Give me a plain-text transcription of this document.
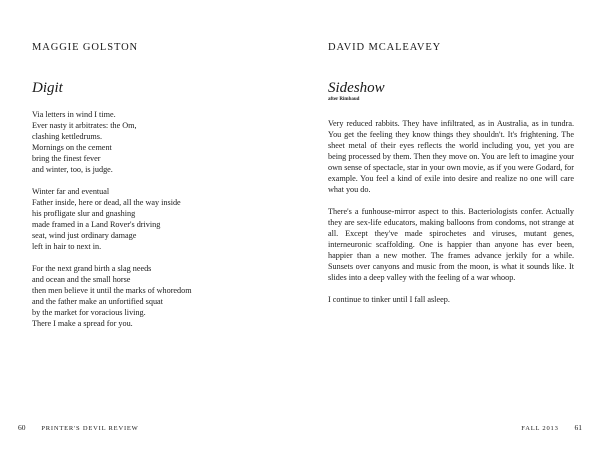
MAGGIE GOLSTON
Digit
Via letters in wind I time.
Ever nasty it arbitrates: the Om,
clashing kettledrums.
Mornings on the cement
bring the finest fever
and winter, too, is judge.
Winter far and eventual
Father inside, here or dead, all the way inside
his profligate slur and gnashing
made framed in a Land Rover's driving
seat, wind just ordinary damage
left in hair to next in.
For the next grand birth a slag needs
and ocean and the small horse
then men believe it until the marks of whoredom
and the father make an unfortified squat
by the market for voracious living.
There I make a spread for you.
60 PRINTER'S DEVIL REVIEW
DAVID MCALEAVEY
Sideshow
after Rimbaud

Very reduced rabbits. They have infiltrated, as in Australia, as in tundra. You get the feeling they know things they shouldn't. It's frightening. The sheet metal of their eyes reflects the world including you, yet you are being processed by them. Then they move on. You are left to imagine your own sense of spectacle, star in your own movie, as if you were Godard, for example. You feel a kind of exile into desire and realize no one will care what you do.

There's a funhouse-mirror aspect to this. Bacteriologists confer. Actually they are sex-life educators, making balloons from condoms, not strange at all. Except they've made spirochetes and viruses, mutant genes, interneuronic scaffolding. One is happier than anyone has ever been, happier than a new mother. The frames advance jerkily for a while. Sunsets over canyons and music from the moon, is what it sounds like. It slides into a deep valley with the feeling of a war whoop.

I continue to tinker until I fall asleep.

FALL 2013 61
